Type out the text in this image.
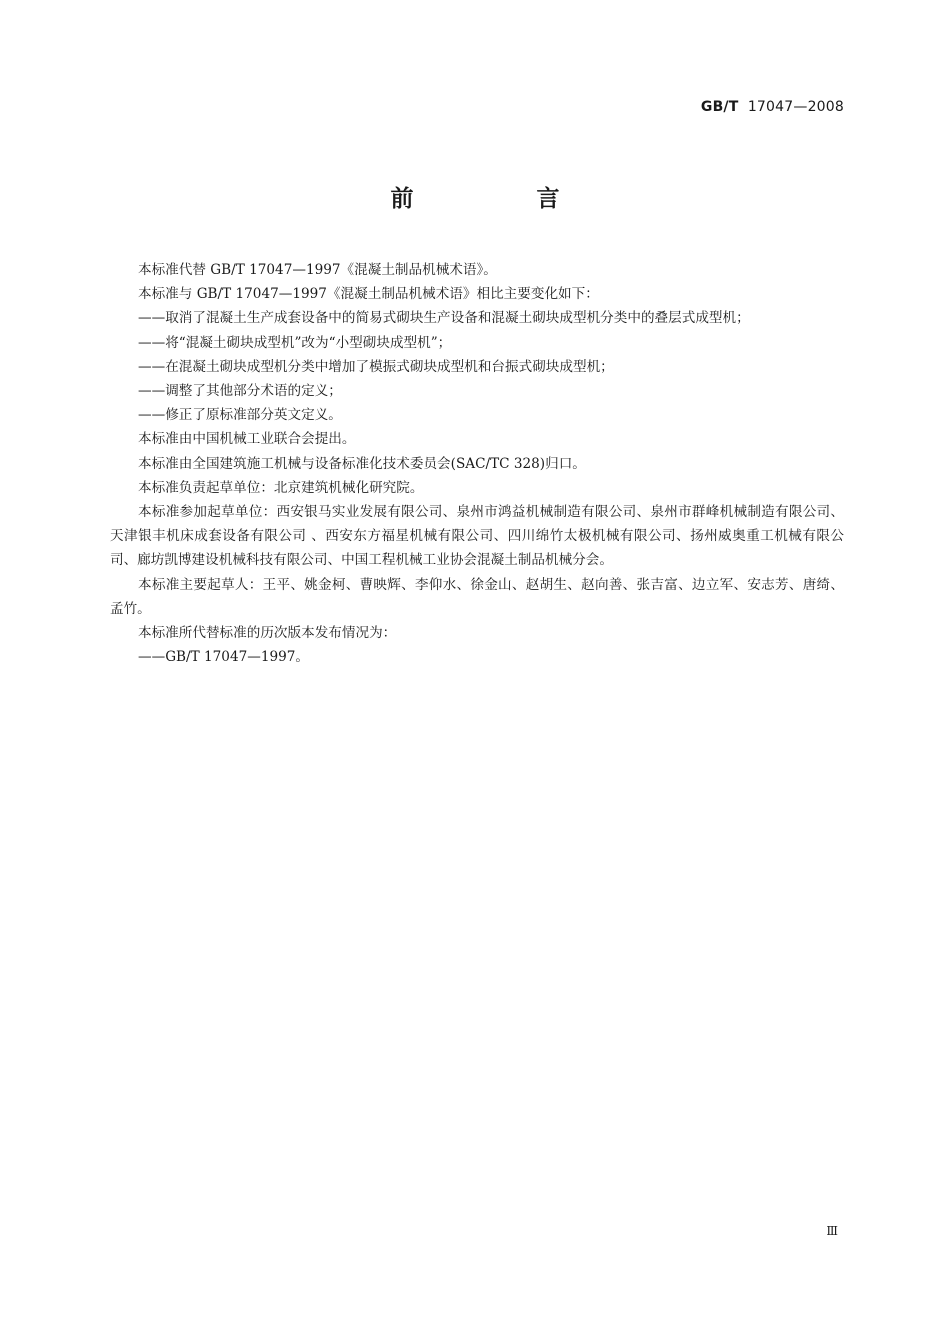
GB/T 17047—2008
前　言

本标准代替 GB/T 17047—1997《混凝土制品机械术语》。

本标准与 GB/T 17047—1997《混凝土制品机械术语》相比主要变化如下：

——取消了混凝土生产成套设备中的简易式砌块生产设备和混凝土砌块成型机分类中的叠层式成型机；

——将“混凝土砌块成型机”改为“小型砌块成型机”；

——在混凝土砌块成型机分类中增加了模振式砌块成型机和台振式砌块成型机；

——调整了其他部分术语的定义；

——修正了原标准部分英文定义。

本标准由中国机械工业联合会提出。

本标准由全国建筑施工机械与设备标准化技术委员会(SAC/TC 328)归口。

本标准负责起草单位：北京建筑机械化研究院。

本标准参加起草单位：西安银马实业发展有限公司、泉州市鸿益机械制造有限公司、泉州市群峰机械制造有限公司、天津银丰机床成套设备有限公司 、西安东方福星机械有限公司、四川绵竹太极机械有限公司、扬州威奥重工机械有限公司、廊坊凯博建设机械科技有限公司、中国工程机械工业协会混凝土制品机械分会。

本标准主要起草人：王平、姚金柯、曹映辉、李仰水、徐金山、赵胡生、赵向善、张吉富、边立军、安志芳、唐绮、孟竹。

本标准所代替标准的历次版本发布情况为：

——GB/T 17047—1997。

Ⅲ
